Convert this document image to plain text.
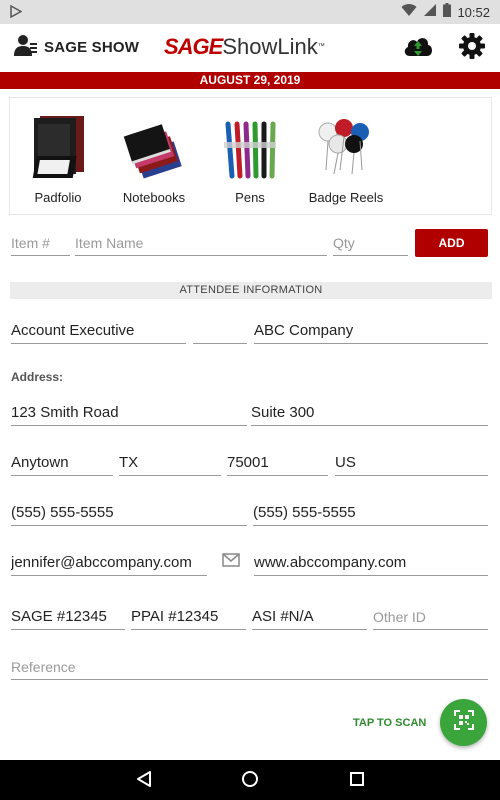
10:52
SAGE SHOW SAGEShowLink™
AUGUST 29, 2019
Padfolio	Notebooks	Pens	Badge Reels
Item #	Item Name	Qty	ADD
ATTENDEE INFORMATION
Account Executive	ABC Company
Address:
123 Smith Road	Suite 300
Anytown	TX	75001	US
(555) 555-5555	(555) 555-5555
jennifer@abccompany.com	www.abccompany.com
SAGE #12345	PPAI #12345	ASI #N/A	Other ID
Reference
TAP TO SCAN
